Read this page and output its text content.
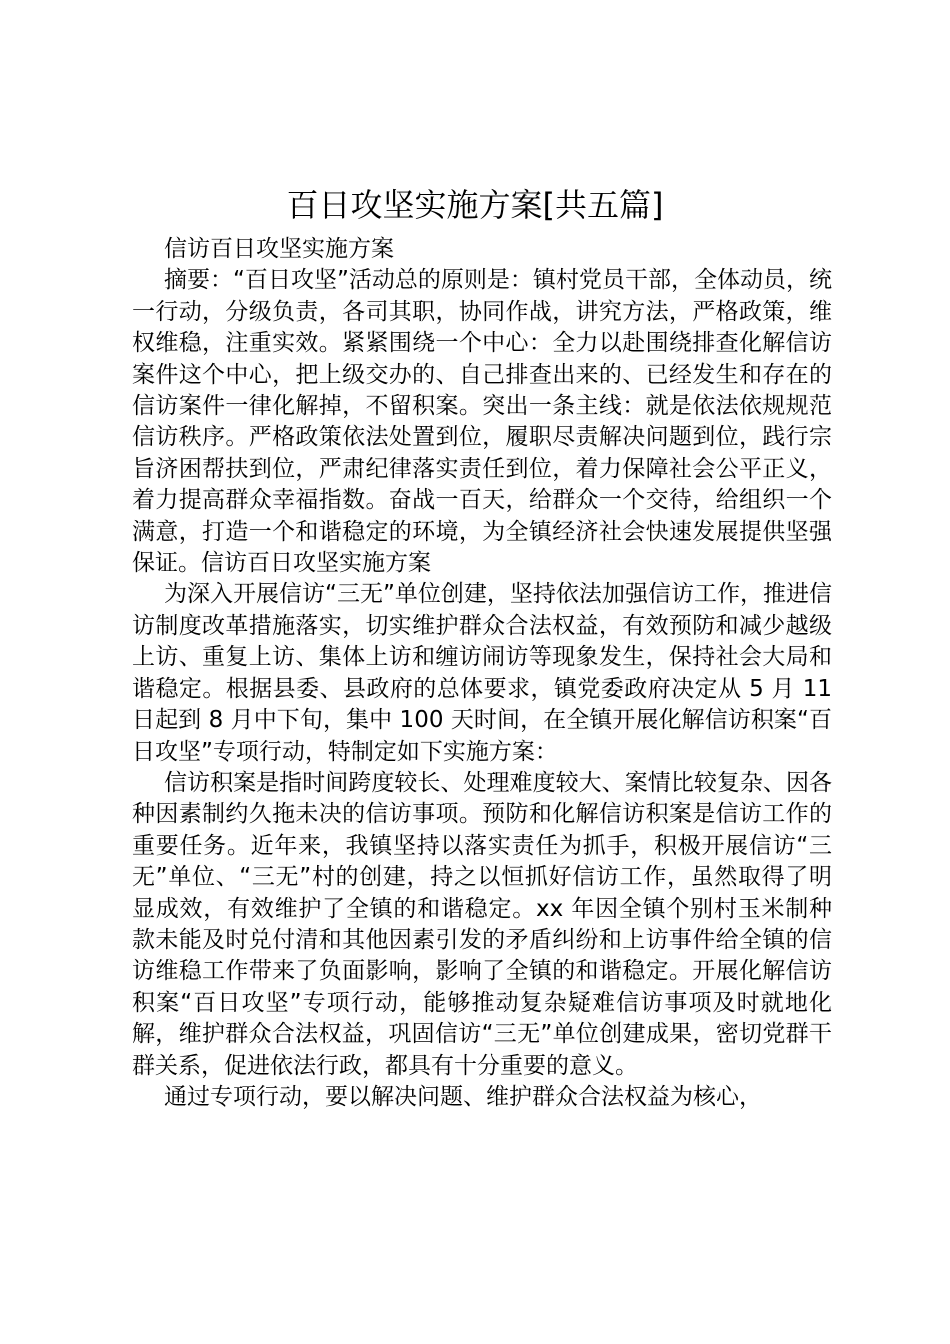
百日攻坚实施方案[共五篇]

信访百日攻坚实施方案

摘要：“百日攻坚”活动总的原则是：镇村党员干部，全体动员，统一行动，分级负责，各司其职，协同作战，讲究方法，严格政策，维权维稳，注重实效。紧紧围绕一个中心：全力以赴围绕排查化解信访案件这个中心，把上级交办的、自己排查出来的、已经发生和存在的信访案件一律化解掉，不留积案。突出一条主线：就是依法依规规范信访秩序。严格政策依法处置到位，履职尽责解决问题到位，践行宗旨济困帮扶到位，严肃纪律落实责任到位，着力保障社会公平正义，着力提高群众幸福指数。奋战一百天，给群众一个交待，给组织一个满意，打造一个和谐稳定的环境，为全镇经济社会快速发展提供坚强保证。信访百日攻坚实施方案

为深入开展信访“三无”单位创建，坚持依法加强信访工作，推进信访制度改革措施落实，切实维护群众合法权益，有效预防和减少越级上访、重复上访、集体上访和缠访闹访等现象发生，保持社会大局和谐稳定。根据县委、县政府的总体要求，镇党委政府决定从 5 月 11 日起到 8 月中下旬，集中 100 天时间，在全镇开展化解信访积案“百日攻坚”专项行动，特制定如下实施方案：

信访积案是指时间跨度较长、处理难度较大、案情比较复杂、因各种因素制约久拖未决的信访事项。预防和化解信访积案是信访工作的重要任务。近年来，我镇坚持以落实责任为抓手，积极开展信访“三无”单位、“三无”村的创建，持之以恒抓好信访工作，虽然取得了明显成效，有效维护了全镇的和谐稳定。xx 年因全镇个别村玉米制种款未能及时兑付清和其他因素引发的矛盾纠纷和上访事件给全镇的信访维稳工作带来了负面影响，影响了全镇的和谐稳定。开展化解信访积案“百日攻坚”专项行动，能够推动复杂疑难信访事项及时就地化解，维护群众合法权益，巩固信访“三无”单位创建成果，密切党群干群关系，促进依法行政，都具有十分重要的意义。

通过专项行动，要以解决问题、维护群众合法权益为核心，
